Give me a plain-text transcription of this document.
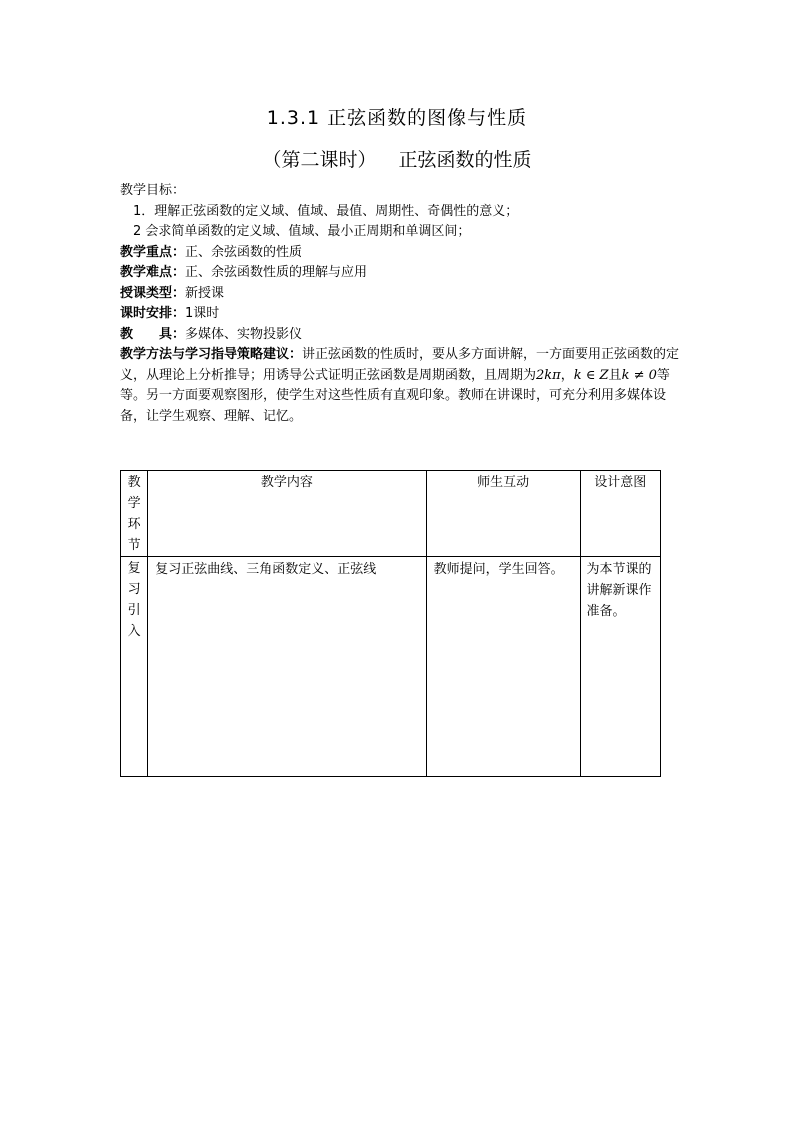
1.3.1 正弦函数的图像与性质
（第二课时） 正弦函数的性质
教学目标：
1．理解正弦函数的定义域、值域、最值、周期性、奇偶性的意义；
2 会求简单函数的定义域、值域、最小正周期和单调区间；
教学重点：正、余弦函数的性质
教学难点：正、余弦函数性质的理解与应用
授课类型：新授课
课时安排：1课时
教　　具：多媒体、实物投影仪
教学方法与学习指导策略建议：讲正弦函数的性质时，要从多方面讲解，一方面要用正弦函数的定义，从理论上分析推导；用诱导公式证明正弦函数是周期函数，且周期为2kπ，k ∈ Z且k ≠ 0等等。另一方面要观察图形，使学生对这些性质有直观印象。教师在讲课时，可充分利用多媒体设备，让学生观察、理解、记忆。
教
学
环
节	教学内容	师生互动	设计意图

复
习
引
入	复习正弦曲线、三角函数定义、正弦线	教师提问，学生回答。	为本节课的讲解新课作准备。
